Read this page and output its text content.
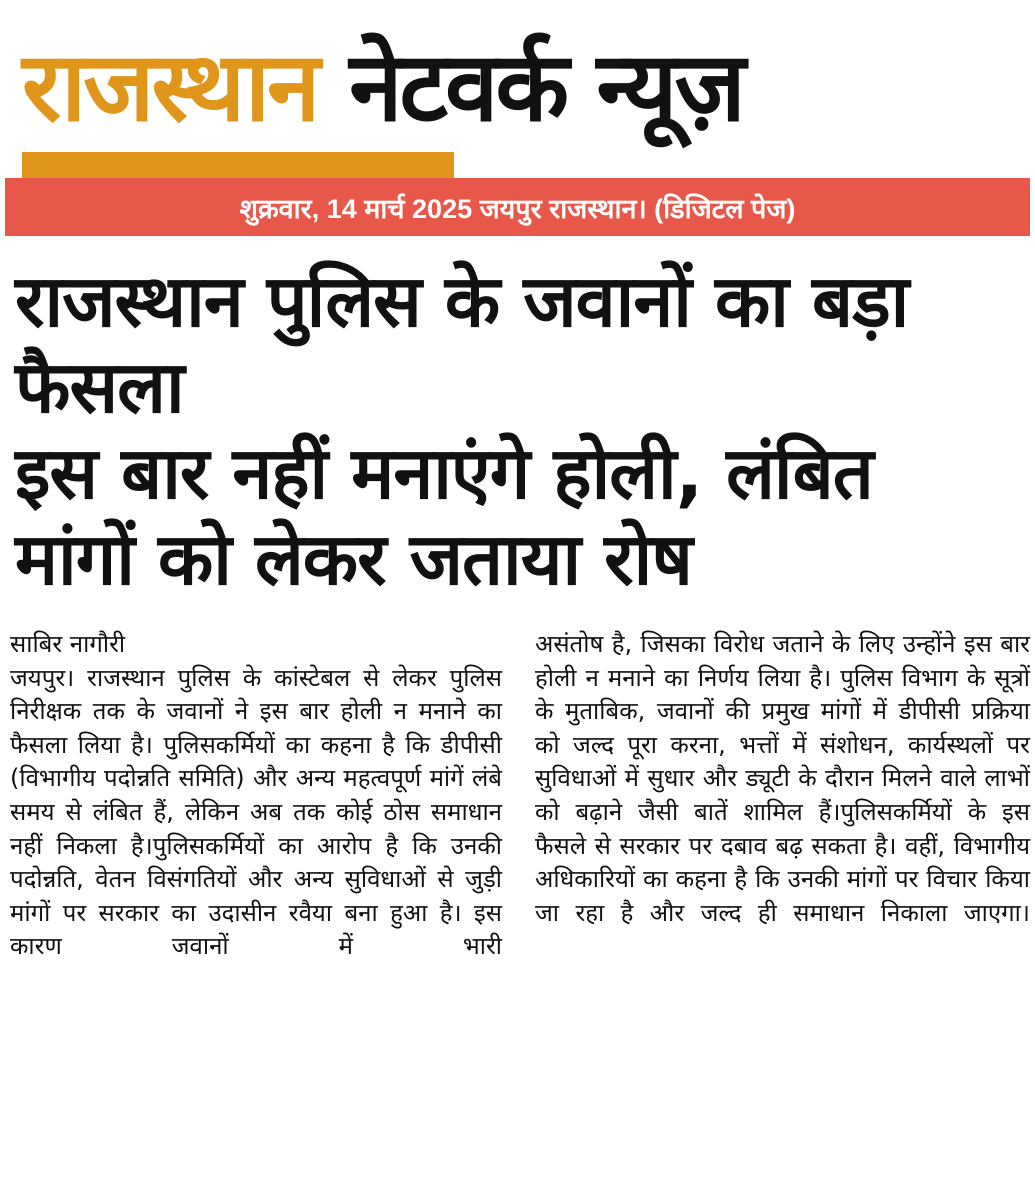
राजस्थान नेटवर्क न्यूज़
शुक्रवार, 14 मार्च 2025 जयपुर राजस्थान। (डिजिटल पेज)
राजस्थान पुलिस के जवानों का बड़ा
फैसला
इस बार नहीं मनाएंगे होली, लंबित
मांगों को लेकर जताया रोष
साबिर नागौरी

जयपुर। राजस्थान पुलिस के कांस्टेबल से लेकर पुलिस निरीक्षक तक के जवानों ने इस बार होली न मनाने का फैसला लिया है। पुलिसकर्मियों का कहना है कि डीपीसी (विभागीय पदोन्नति समिति) और अन्य महत्वपूर्ण मांगें लंबे समय से लंबित हैं, लेकिन अब तक कोई ठोस समाधान नहीं निकला है।पुलिसकर्मियों का आरोप है कि उनकी पदोन्नति, वेतन विसंगतियों और अन्य सुविधाओं से जुड़ी मांगों पर सरकार का उदासीन रवैया बना हुआ है। इस कारण जवानों में भारी

असंतोष है, जिसका विरोध जताने के लिए उन्होंने इस बार होली न मनाने का निर्णय लिया है। पुलिस विभाग के सूत्रों के मुताबिक, जवानों की प्रमुख मांगों में डीपीसी प्रक्रिया को जल्द पूरा करना, भत्तों में संशोधन, कार्यस्थलों पर सुविधाओं में सुधार और ड्यूटी के दौरान मिलने वाले लाभों को बढ़ाने जैसी बातें शामिल हैं।पुलिसकर्मियों के इस फैसले से सरकार पर दबाव बढ़ सकता है। वहीं, विभागीय अधिकारियों का कहना है कि उनकी मांगों पर विचार किया जा रहा है और जल्द ही समाधान निकाला जाएगा।
